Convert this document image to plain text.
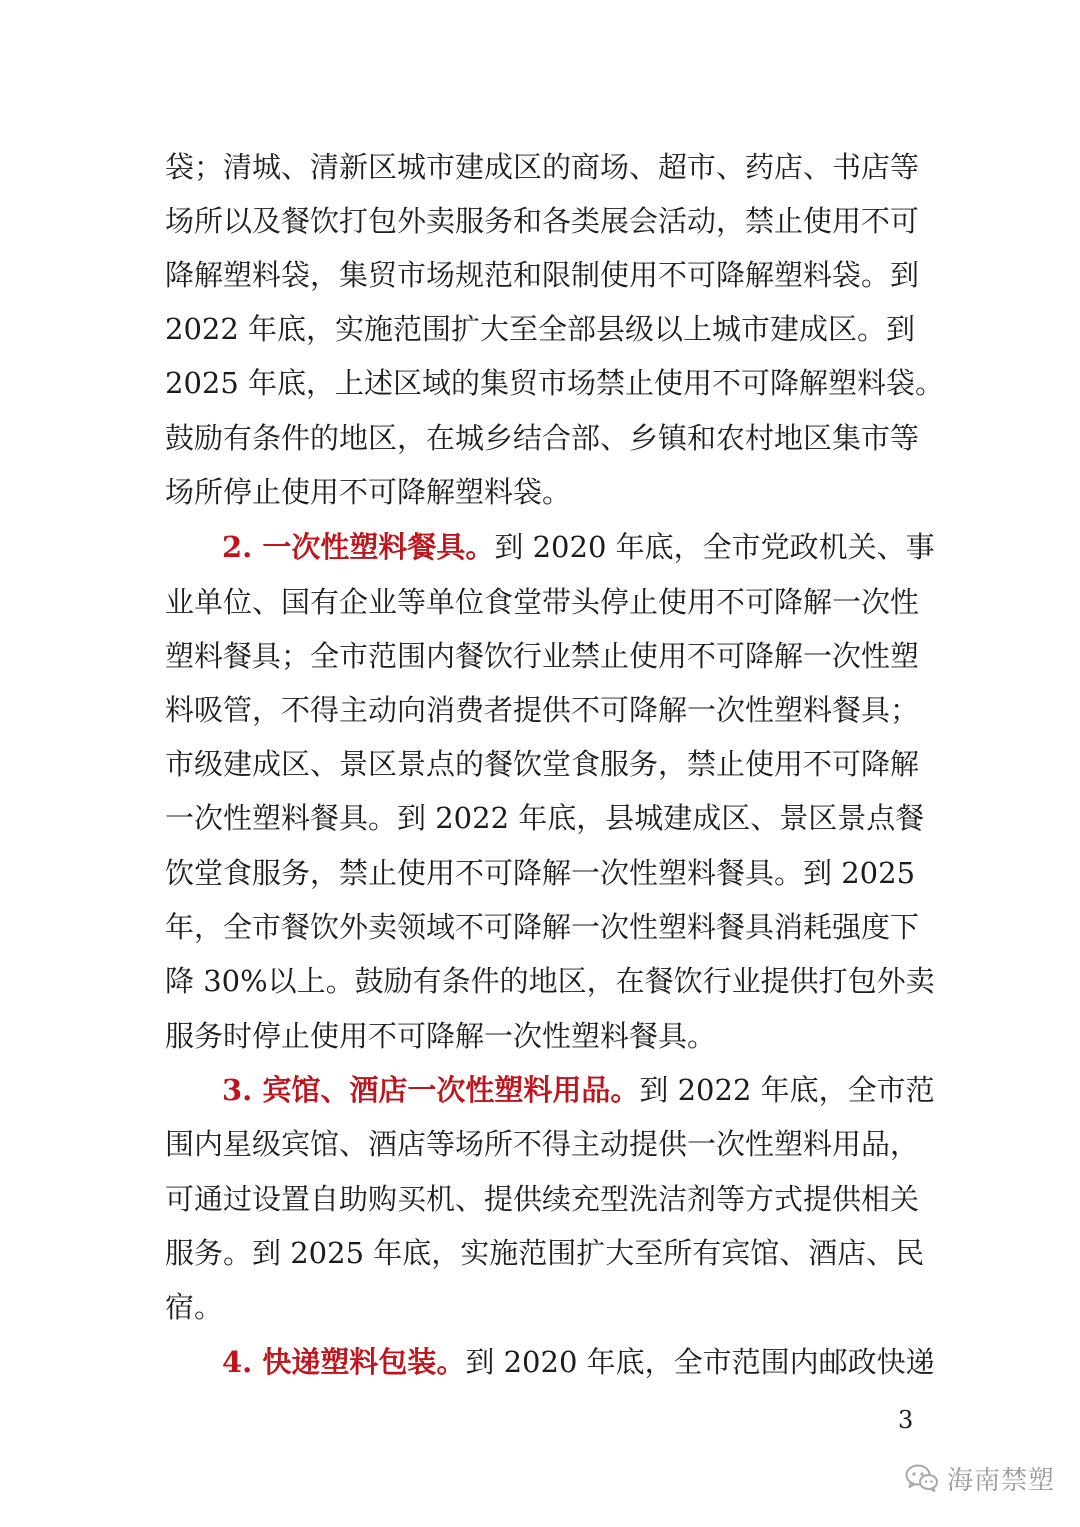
袋；清城、清新区城市建成区的商场、超市、药店、书店等
场所以及餐饮打包外卖服务和各类展会活动，禁止使用不可
降解塑料袋，集贸市场规范和限制使用不可降解塑料袋。到
2022 年底，实施范围扩大至全部县级以上城市建成区。到
2025 年底，上述区域的集贸市场禁止使用不可降解塑料袋。
鼓励有条件的地区，在城乡结合部、乡镇和农村地区集市等
场所停止使用不可降解塑料袋。
2. 一次性塑料餐具。到 2020 年底，全市党政机关、事
业单位、国有企业等单位食堂带头停止使用不可降解一次性
塑料餐具；全市范围内餐饮行业禁止使用不可降解一次性塑
料吸管，不得主动向消费者提供不可降解一次性塑料餐具；
市级建成区、景区景点的餐饮堂食服务，禁止使用不可降解
一次性塑料餐具。到 2022 年底，县城建成区、景区景点餐
饮堂食服务，禁止使用不可降解一次性塑料餐具。到 2025
年，全市餐饮外卖领域不可降解一次性塑料餐具消耗强度下
降 30%以上。鼓励有条件的地区，在餐饮行业提供打包外卖
服务时停止使用不可降解一次性塑料餐具。
3. 宾馆、酒店一次性塑料用品。到 2022 年底，全市范
围内星级宾馆、酒店等场所不得主动提供一次性塑料用品，
可通过设置自助购买机、提供续充型洗洁剂等方式提供相关
服务。到 2025 年底，实施范围扩大至所有宾馆、酒店、民
宿。
4. 快递塑料包装。到 2020 年底，全市范围内邮政快递
3
海南禁塑
